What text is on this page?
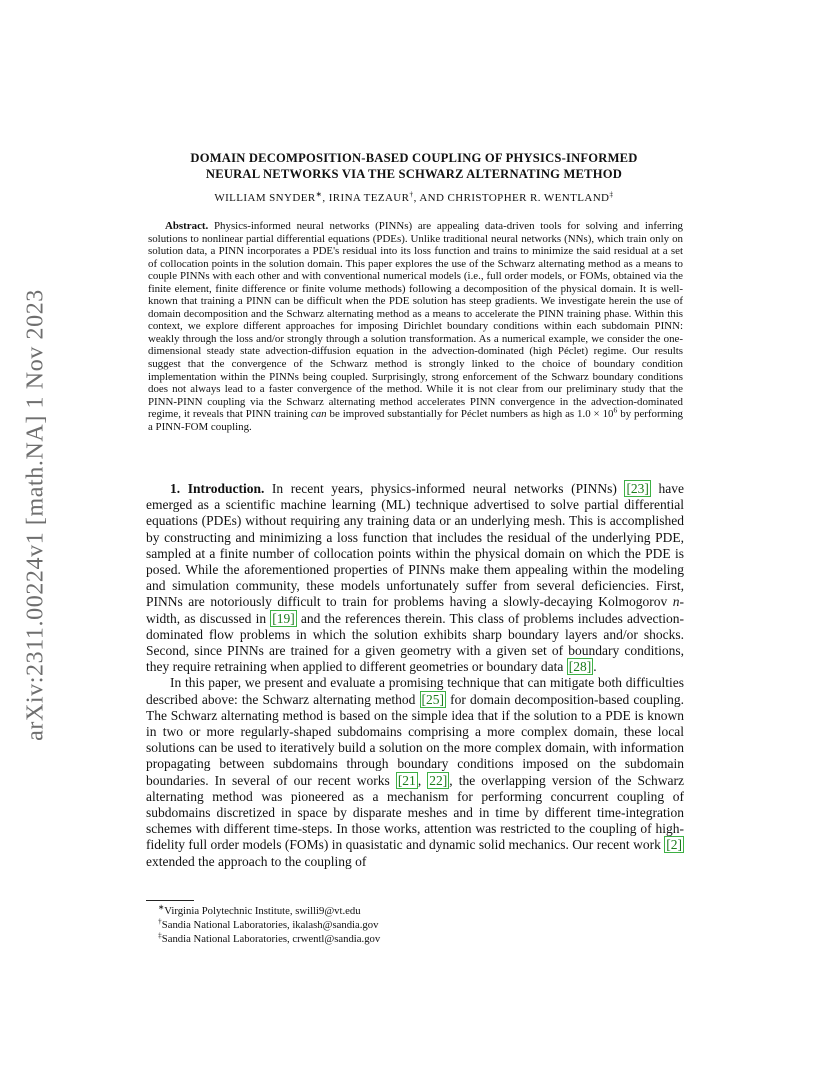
arXiv:2311.00224v1 [math.NA] 1 Nov 2023
DOMAIN DECOMPOSITION-BASED COUPLING OF PHYSICS-INFORMED
NEURAL NETWORKS VIA THE SCHWARZ ALTERNATING METHOD
WILLIAM SNYDER∗, IRINA TEZAUR†, AND CHRISTOPHER R. WENTLAND‡
Abstract. Physics-informed neural networks (PINNs) are appealing data-driven tools for solving and inferring solutions to nonlinear partial differential equations (PDEs). Unlike traditional neural networks (NNs), which train only on solution data, a PINN incorporates a PDE's residual into its loss function and trains to minimize the said residual at a set of collocation points in the solution domain. This paper explores the use of the Schwarz alternating method as a means to couple PINNs with each other and with conventional numerical models (i.e., full order models, or FOMs, obtained via the finite element, finite difference or finite volume methods) following a decomposition of the physical domain. It is well-known that training a PINN can be difficult when the PDE solution has steep gradients. We investigate herein the use of domain decomposition and the Schwarz alternating method as a means to accelerate the PINN training phase. Within this context, we explore different approaches for imposing Dirichlet boundary conditions within each subdomain PINN: weakly through the loss and/or strongly through a solution transformation. As a numerical example, we consider the one-dimensional steady state advection-diffusion equation in the advection-dominated (high Péclet) regime. Our results suggest that the convergence of the Schwarz method is strongly linked to the choice of boundary condition implementation within the PINNs being coupled. Surprisingly, strong enforcement of the Schwarz boundary conditions does not always lead to a faster convergence of the method. While it is not clear from our preliminary study that the PINN-PINN coupling via the Schwarz alternating method accelerates PINN convergence in the advection-dominated regime, it reveals that PINN training can be improved substantially for Péclet numbers as high as $1.0 \times 10^6$ by performing a PINN-FOM coupling.

1. Introduction. In recent years, physics-informed neural networks (PINNs) [23] have emerged as a scientific machine learning (ML) technique advertised to solve partial differential equations (PDEs) without requiring any training data or an underlying mesh. This is accomplished by constructing and minimizing a loss function that includes the residual of the underlying PDE, sampled at a finite number of collocation points within the physical domain on which the PDE is posed. While the aforementioned properties of PINNs make them appealing within the modeling and simulation community, these models unfortunately suffer from several deficiencies. First, PINNs are notoriously difficult to train for problems having a slowly-decaying Kolmogorov n-width, as discussed in [19] and the references therein. This class of problems includes advection-dominated flow problems in which the solution exhibits sharp boundary layers and/or shocks. Second, since PINNs are trained for a given geometry with a given set of boundary conditions, they require retraining when applied to different geometries or boundary data [28] .

In this paper, we present and evaluate a promising technique that can mitigate both difficulties described above: the Schwarz alternating method [25] for domain decomposition-based coupling. The Schwarz alternating method is based on the simple idea that if the solution to a PDE is known in two or more regularly-shaped subdomains comprising a more complex domain, these local solutions can be used to iteratively build a solution on the more complex domain, with information propagating between subdomains through boundary conditions imposed on the subdomain boundaries. In several of our recent works [21 , 22] , the overlapping version of the Schwarz alternating method was pioneered as a mechanism for performing concurrent coupling of subdomains discretized in space by disparate meshes and in time by different time-integration schemes with different time-steps. In those works, attention was restricted to the coupling of high-fidelity full order models (FOMs) in quasistatic and dynamic solid mechanics. Our recent work [2] extended the approach to the coupling of

∗Virginia Polytechnic Institute, swilli9@vt.edu
†Sandia National Laboratories, ikalash@sandia.gov
‡Sandia National Laboratories, crwentl@sandia.gov
